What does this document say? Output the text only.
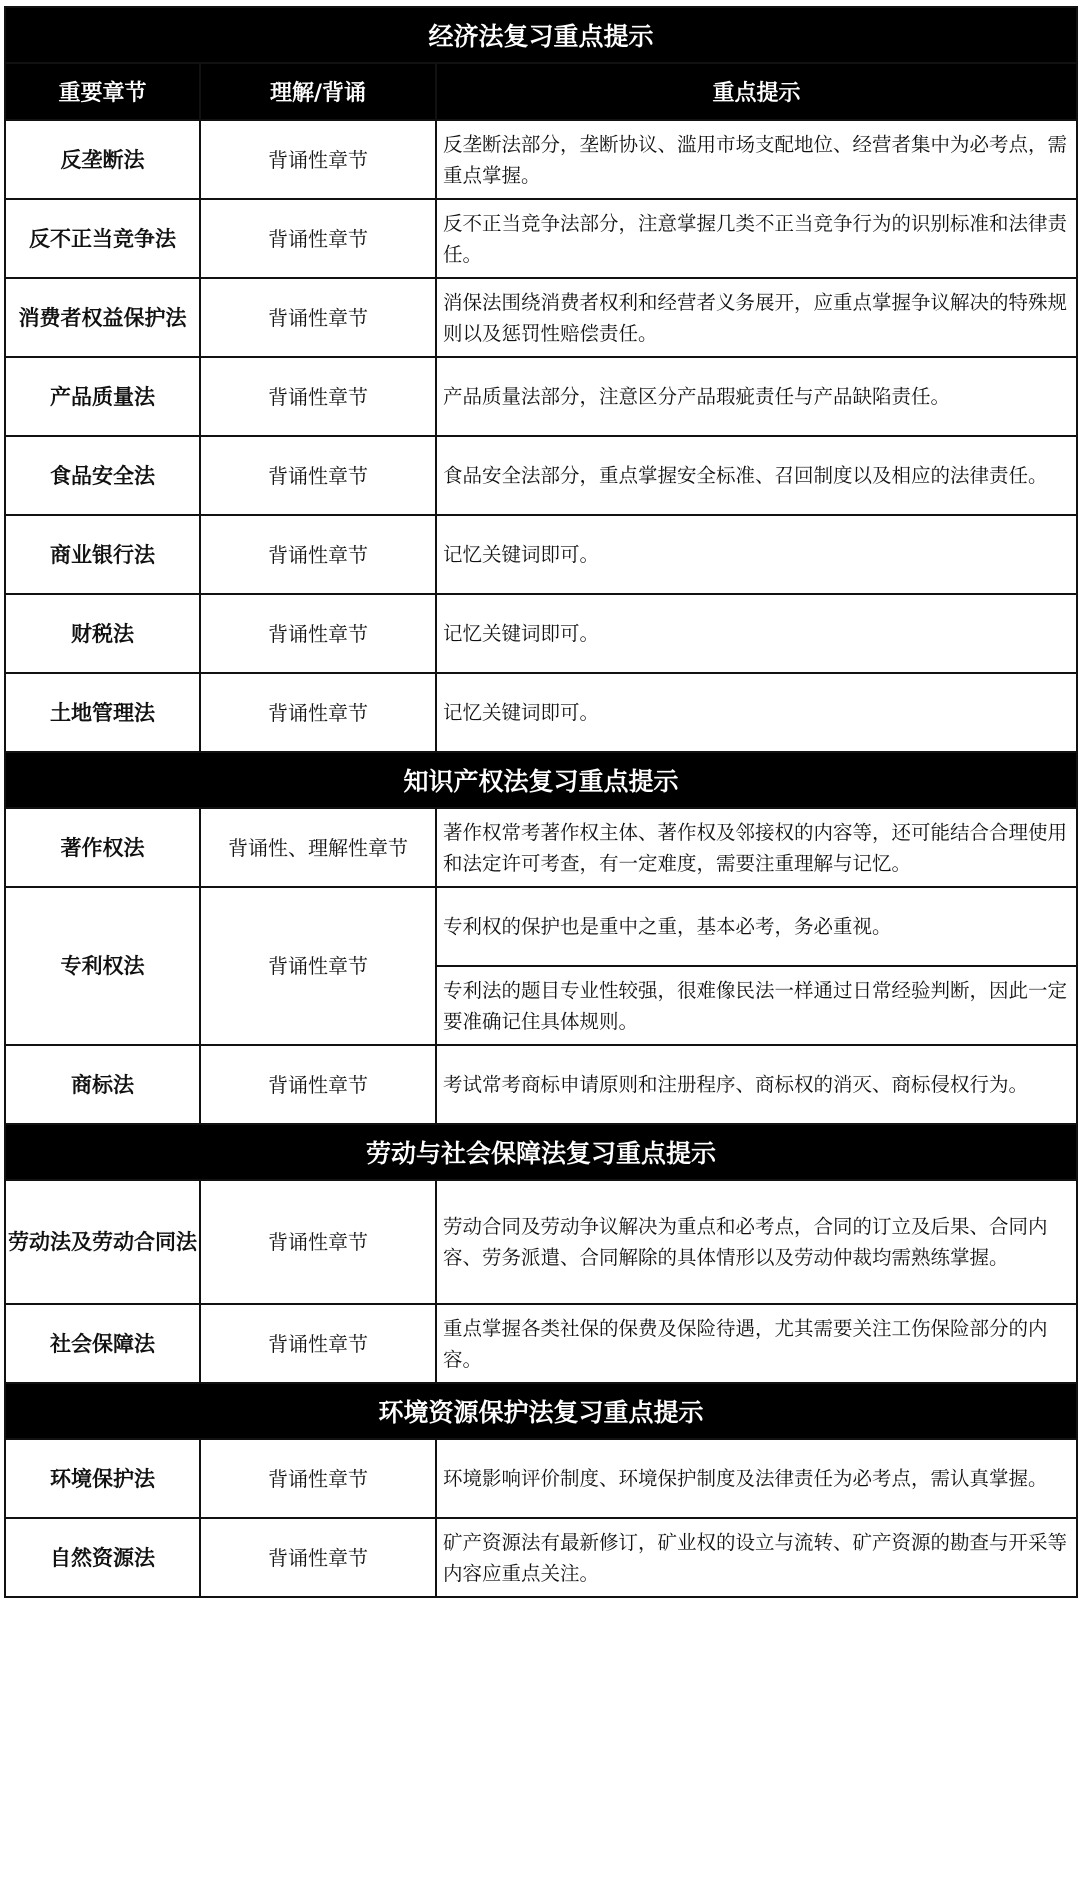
经济法复习重点提示		
重要章节	理解/背诵	重点提示
反垄断法	背诵性章节	反垄断法部分，垄断协议、滥用市场支配地位、经营者集中为必考点，需重点掌握。
反不正当竞争法	背诵性章节	反不正当竞争法部分，注意掌握几类不正当竞争行为的识别标准和法律责任。
消费者权益保护法	背诵性章节	消保法围绕消费者权利和经营者义务展开，应重点掌握争议解决的特殊规则以及惩罚性赔偿责任。
产品质量法	背诵性章节	产品质量法部分，注意区分产品瑕疵责任与产品缺陷责任。
食品安全法	背诵性章节	食品安全法部分，重点掌握安全标准、召回制度以及相应的法律责任。
商业银行法	背诵性章节	记忆关键词即可。
财税法	背诵性章节	记忆关键词即可。
土地管理法	背诵性章节	记忆关键词即可。
知识产权法复习重点提示		
著作权法	背诵性、理解性章节	著作权常考著作权主体、著作权及邻接权的内容等，还可能结合合理使用和法定许可考查，有一定难度，需要注重理解与记忆。
专利权法	背诵性章节	专利权的保护也是重中之重，基本必考，务必重视。
		专利法的题目专业性较强，很难像民法一样通过日常经验判断，因此一定要准确记住具体规则。
商标法	背诵性章节	考试常考商标申请原则和注册程序、商标权的消灭、商标侵权行为。
劳动与社会保障法复习重点提示		
劳动法及劳动合同法	背诵性章节	劳动合同及劳动争议解决为重点和必考点，合同的订立及后果、合同内容、劳务派遣、合同解除的具体情形以及劳动仲裁均需熟练掌握。
社会保障法	背诵性章节	重点掌握各类社保的保费及保险待遇，尤其需要关注工伤保险部分的内容。
环境资源保护法复习重点提示		
环境保护法	背诵性章节	环境影响评价制度、环境保护制度及法律责任为必考点，需认真掌握。
自然资源法	背诵性章节	矿产资源法有最新修订，矿业权的设立与流转、矿产资源的勘查与开采等内容应重点关注。
